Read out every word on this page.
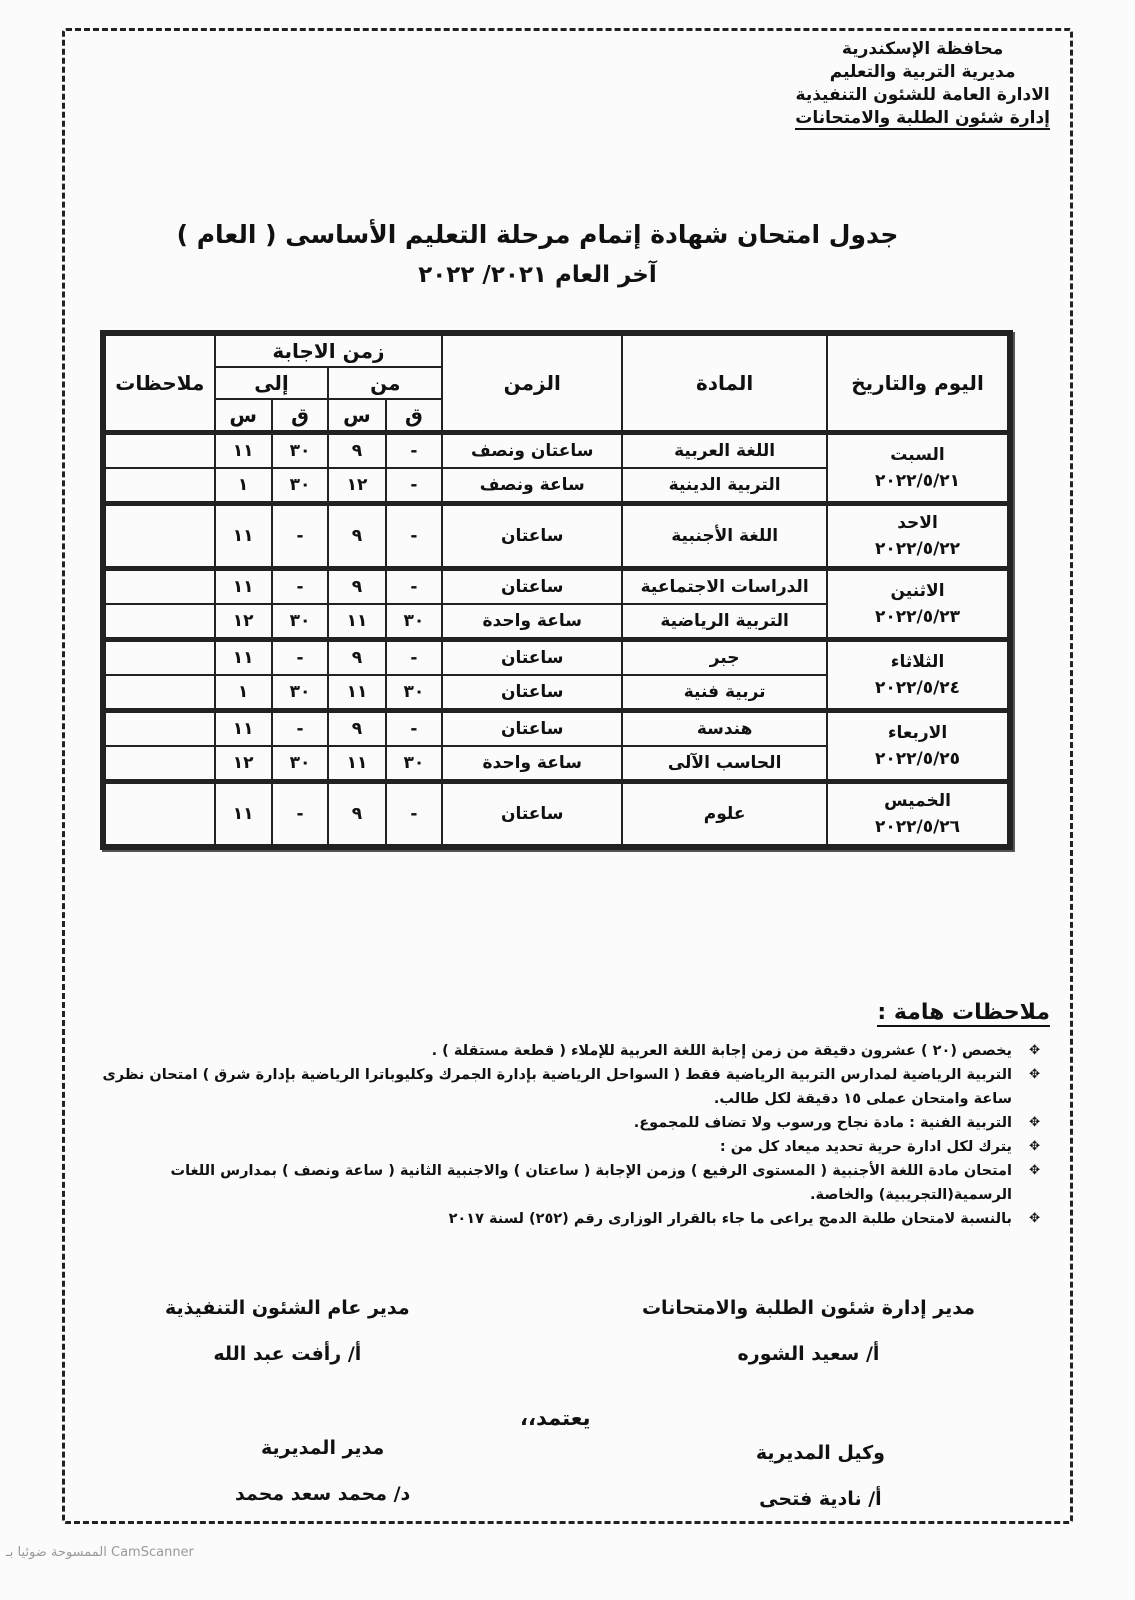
محافظة الإسكندرية
مديرية التربية والتعليم
الادارة العامة للشئون التنفيذية
إدارة شئون الطلبة والامتحانات
جدول امتحان شهادة إتمام مرحلة التعليم الأساسى ( العام )
آخر العام ٢٠٢١/ ٢٠٢٢
اليوم والتاريخ	المادة	الزمن	زمن الاجابة				ملاحظات
			من		إلى		
			ق	س	ق	س	

السبت
٢٠٢٢/٥/٢١	اللغة العربية	ساعتان ونصف	-	٩	٣٠	١١	
	التربية الدينية	ساعة ونصف	-	١٢	٣٠	١	

الاحد
٢٠٢٢/٥/٢٢	اللغة الأجنبية	ساعتان	-	٩	-	١١	

الاثنين
٢٠٢٢/٥/٢٣	الدراسات الاجتماعية	ساعتان	-	٩	-	١١	
	التربية الرياضية	ساعة واحدة	٣٠	١١	٣٠	١٢	

الثلاثاء
٢٠٢٢/٥/٢٤	جبر	ساعتان	-	٩	-	١١	
	تربية فنية	ساعتان	٣٠	١١	٣٠	١	

الاربعاء
٢٠٢٢/٥/٢٥	هندسة	ساعتان	-	٩	-	١١	
	الحاسب الآلى	ساعة واحدة	٣٠	١١	٣٠	١٢	

الخميس
٢٠٢٢/٥/٢٦	علوم	ساعتان	-	٩	-	١١	
ملاحظات هامة :
✥ يخصص (٢٠ ) عشرون دقيقة من زمن إجابة اللغة العربية للإملاء ( قطعة مستقلة ) .
✥ التربية الرياضية لمدارس التربية الرياضية فقط ( السواحل الرياضية بإدارة الجمرك وكليوباترا الرياضية بإدارة شرق ) امتحان نظرى ساعة وامتحان عملى ١٥ دقيقة لكل طالب.
✥ التربية الفنية : مادة نجاح ورسوب ولا تضاف للمجموع.
✥ يترك لكل ادارة حرية تحديد ميعاد كل من :
✥ امتحان مادة اللغة الأجنبية ( المستوى الرفيع ) وزمن الإجابة ( ساعتان ) والاجنبية الثانية ( ساعة ونصف ) بمدارس اللغات الرسمية(التجريبية) والخاصة.
✥ بالنسبة لامتحان طلبة الدمج يراعى ما جاء بالقرار الوزارى رقم (٢٥٢) لسنة ٢٠١٧
مدير إدارة شئون الطلبة والامتحانات
أ/ سعيد الشوره
مدير عام الشئون التنفيذية
أ/ رأفت عبد الله
يعتمد،،
وكيل المديرية
أ/ نادية فتحى
مدير المديرية
د/ محمد سعد محمد
الممسوحة ضوئيا بـ CamScanner
